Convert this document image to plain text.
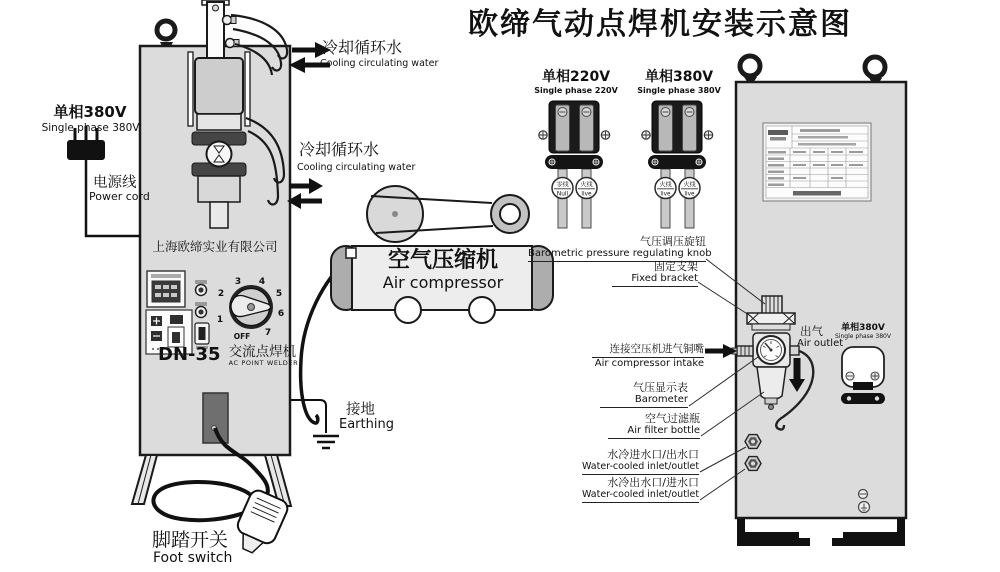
1
2
3 4
5
6
7
OFF
零线
Null
火线
live
火线
live
火线
live
欧缔气动点焊机安装示意图
单相380V
Single phase 380V
电源线
Power cord
冷却循环水
Cooling circulating water
冷却循环水
Cooling circulating water
空气压缩机
Air compressor
上海欧缔实业有限公司
DN-35 交流点焊机
AC POINT WELDER
接地
Earthing
脚踏开关
Foot switch
单相220V
Single phase 220V
单相380V
Single phase 380V
气压调压旋钮
Barometric pressure regulating knob
固定支架
Fixed bracket
连接空压机进气铜嘴
Air compressor intake
气压显示表
Barometer
空气过滤瓶
Air filter bottle
水冷进水口/出水口
Water-cooled inlet/outlet
水冷出水口/进水口
Water-cooled inlet/outlet
出气
Air outlet
单相380V
Single phase 380V
